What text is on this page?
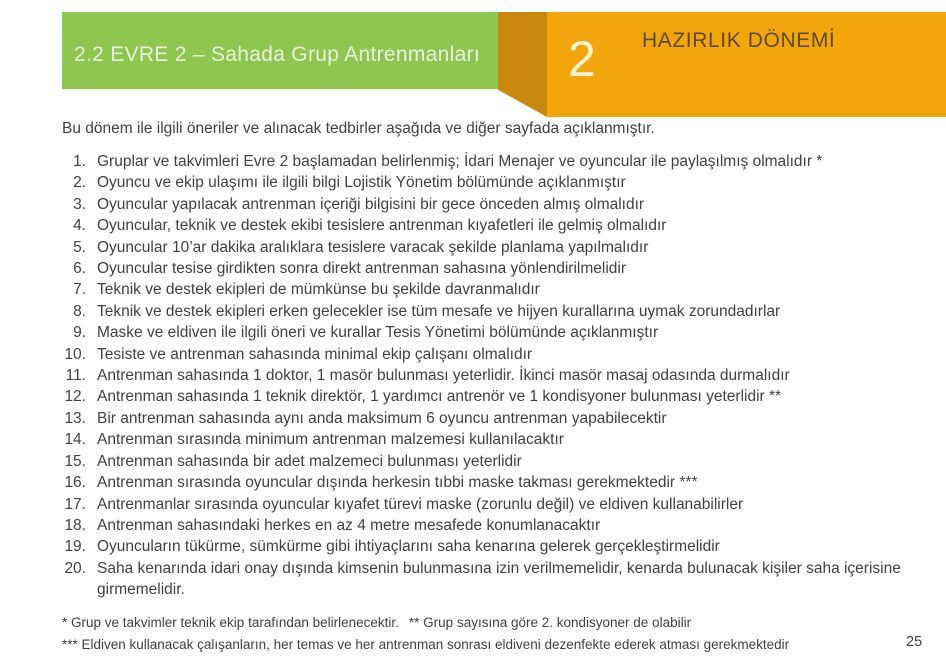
2.2 EVRE 2 – Sahada Grup Antrenmanları 2 HAZIRLIK DÖNEMİ
Bu dönem ile ilgili öneriler ve alınacak tedbirler aşağıda ve diğer sayfada açıklanmıştır.
1. Gruplar ve takvimleri Evre 2 başlamadan belirlenmiş; İdari Menajer ve oyuncular ile paylaşılmış olmalıdır *
2. Oyuncu ve ekip ulaşımı ile ilgili bilgi Lojistik Yönetim bölümünde açıklanmıştır
3. Oyuncular yapılacak antrenman içeriği bilgisini bir gece önceden almış olmalıdır
4. Oyuncular, teknik ve destek ekibi tesislere antrenman kıyafetleri ile gelmiş olmalıdır
5. Oyuncular 10’ar dakika aralıklara tesislere varacak şekilde planlama yapılmalıdır
6. Oyuncular tesise girdikten sonra direkt antrenman sahasına yönlendirilmelidir
7. Teknik ve destek ekipleri de mümkünse bu şekilde davranmalıdır
8. Teknik ve destek ekipleri erken gelecekler ise tüm mesafe ve hijyen kurallarına uymak zorundadırlar
9. Maske ve eldiven ile ilgili öneri ve kurallar Tesis Yönetimi bölümünde açıklanmıştır
10. Tesiste ve antrenman sahasında minimal ekip çalışanı olmalıdır
11. Antrenman sahasında 1 doktor, 1 masör bulunması yeterlidir. İkinci masör masaj odasında durmalıdır
12. Antrenman sahasında 1 teknik direktör, 1 yardımcı antrenör ve 1 kondisyoner bulunması yeterlidir **
13. Bir antrenman sahasında aynı anda maksimum 6 oyuncu antrenman yapabilecektir
14. Antrenman sırasında minimum antrenman malzemesi kullanılacaktır
15. Antrenman sahasında bir adet malzemeci bulunması yeterlidir
16. Antrenman sırasında oyuncular dışında herkesin tıbbi maske takması gerekmektedir ***
17. Antrenmanlar sırasında oyuncular kıyafet türevi maske (zorunlu değil) ve eldiven kullanabilirler
18. Antrenman sahasındaki herkes en az 4 metre mesafede konumlanacaktır
19. Oyuncuların tükürme, sümkürme gibi ihtiyaçlarını saha kenarına gelerek gerçekleştirmelidir
20. Saha kenarında idari onay dışında kimsenin bulunmasına izin verilmemelidir, kenarda bulunacak kişiler saha içerisine girmemelidir.
* Grup ve takvimler teknik ekip tarafından belirlenecektir. ** Grup sayısına göre 2. kondisyoner de olabilir
*** Eldiven kullanacak çalışanların, her temas ve her antrenman sonrası eldiveni dezenfekte ederek atması gerekmektedir	25
